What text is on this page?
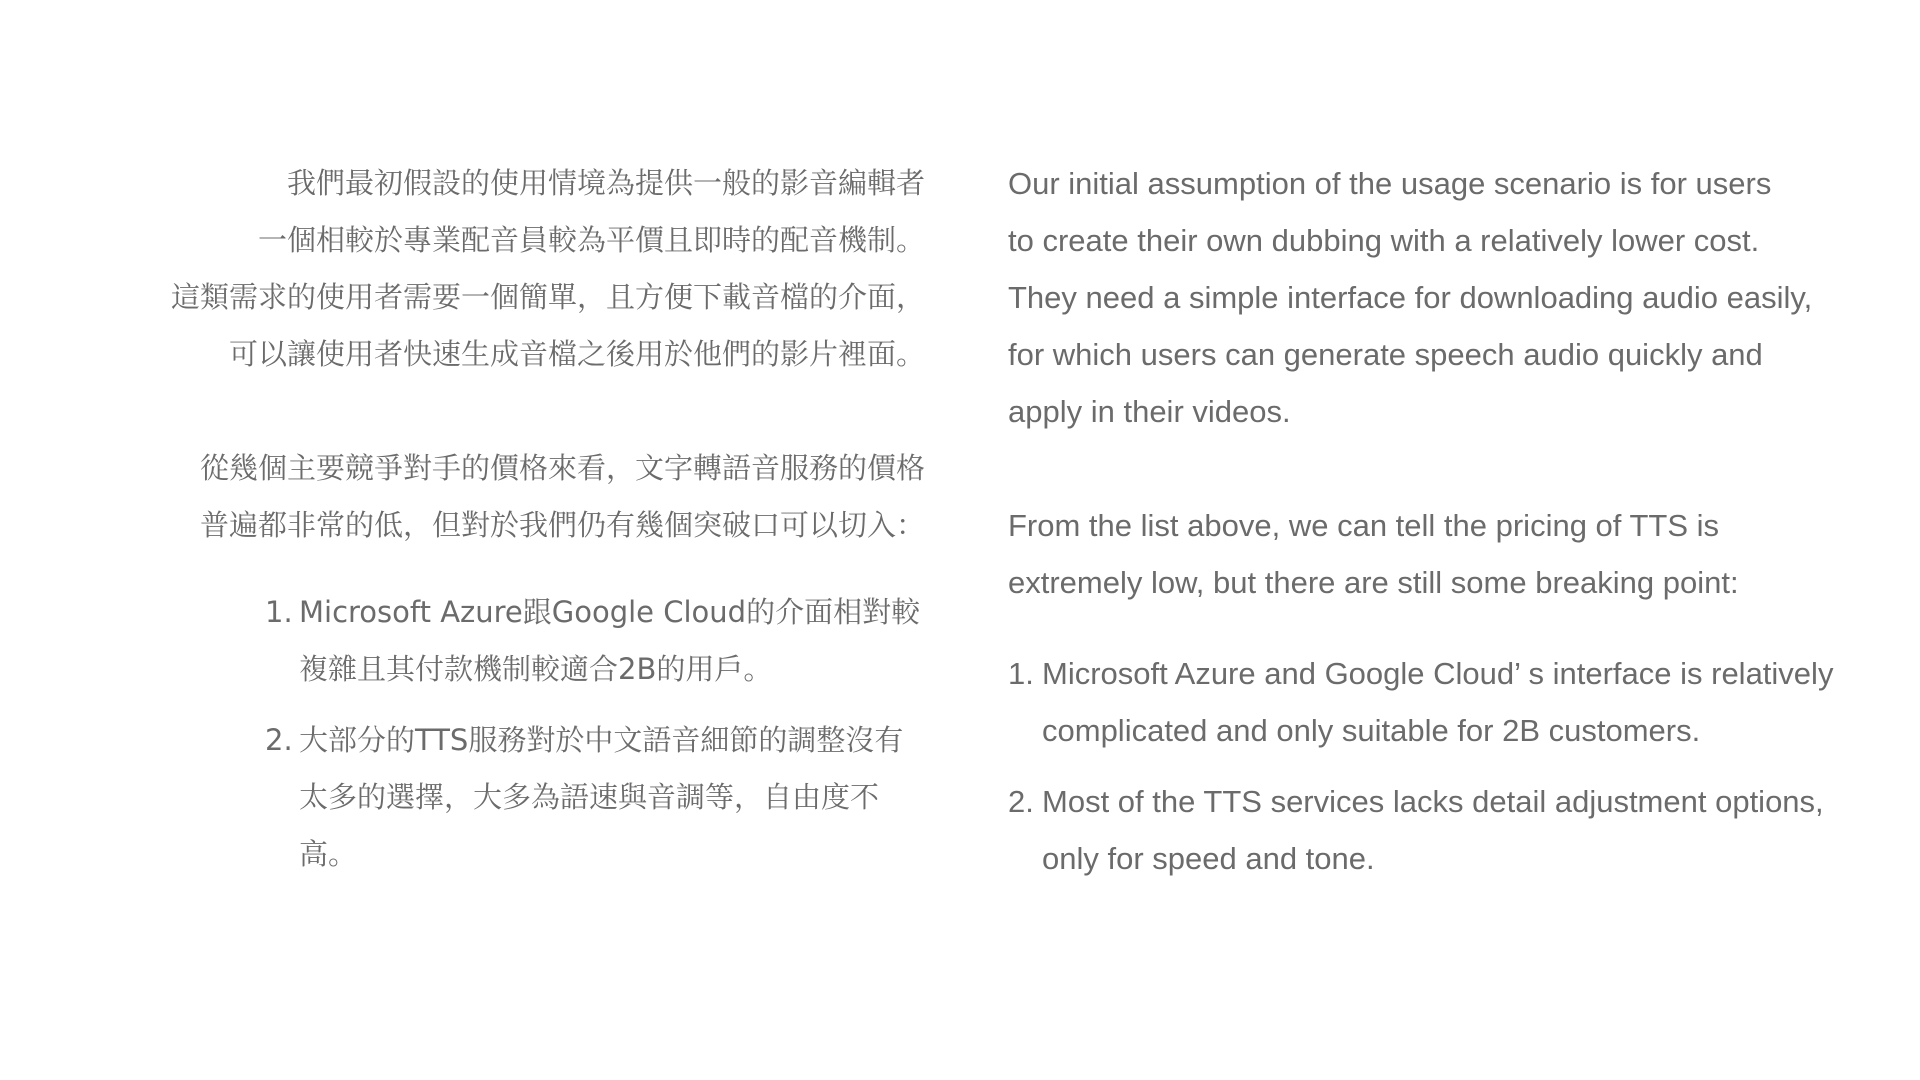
我們最初假設的使用情境為提供一般的影音編輯者
一個相較於專業配音員較為平價且即時的配音機制。
這類需求的使用者需要一個簡單，且方便下載音檔的介面，
可以讓使用者快速生成音檔之後用於他們的影片裡面。

從幾個主要競爭對手的價格來看，文字轉語音服務的價格
普遍都非常的低，但對於我們仍有幾個突破口可以切入：

1. Microsoft Azure跟Google Cloud的介面相對較
複雜且其付款機制較適合2B的用戶。
2. 大部分的TTS服務對於中文語音細節的調整沒有
太多的選擇，大多為語速與音調等，自由度不高。

Our initial assumption of the usage scenario is for users
to create their own dubbing with a relatively lower cost.
They need a simple interface for downloading audio easily,
for which users can generate speech audio quickly and
apply in their videos.

From the list above, we can tell the pricing of TTS is
extremely low, but there are still some breaking point:

1. Microsoft Azure and Google Cloud’ s interface is relatively
complicated and only suitable for 2B customers.
2. Most of the TTS services lacks detail adjustment options,
only for speed and tone.
